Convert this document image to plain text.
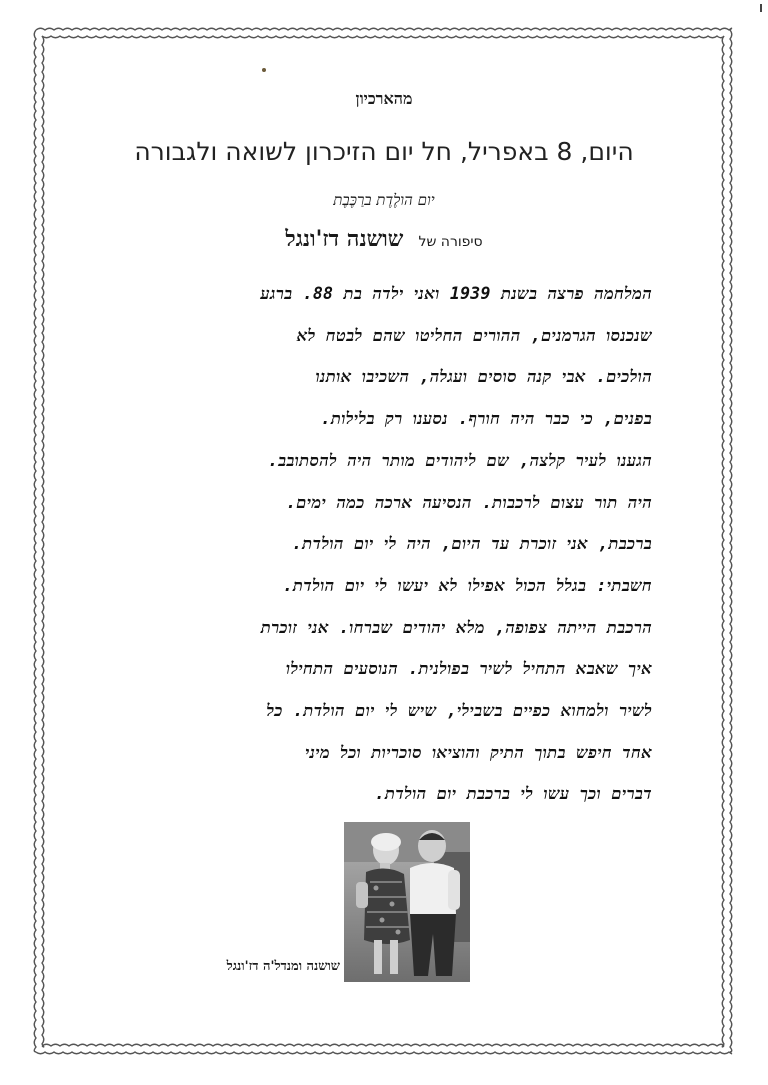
מהארכיון
היום, 8 באפריל, חל יום הזיכרון לשואה ולגבורה
יום הולֶדֶת ברַכֶּבֶת
סיפורה של שושנה דז'ונגל
המלחמה פרצה בשנת 1939 ואני ילדה בת 88. ברגע
שנכנסו הגרמנים, ההורים החליטו שהם לבטח לא
הולכים. אבי קנה סוסים ועגלה, השכיבו אותנו
בפנים, כי כבר היה חורף. נסענו רק בלילות.
הגענו לעיר קלצה, שם ליהודים מותר היה להסתובב.
היה תור עצום לרכבות. הנסיעה ארכה כמה ימים.
ברכבת, אני זוכרת עד היום, היה לי יום הולדת.
חשבתי: בגלל הכול אפילו לא יעשו לי יום הולדת.
הרכבת הייתה צפופה, מלא יהודים שברחו. אני זוכרת
איך שאבא התחיל לשיר בפולנית. הנוסעים התחילו
לשיר ולמחוא כפיים בשבילי, שיש לי יום הולדת. כל
אחד חיפש בתוך התיק והוציאו סוכריות וכל מיני
דברים וכך עשו לי ברכבת יום הולדת.
שושנה ומנדל'ה דז'ונגל
